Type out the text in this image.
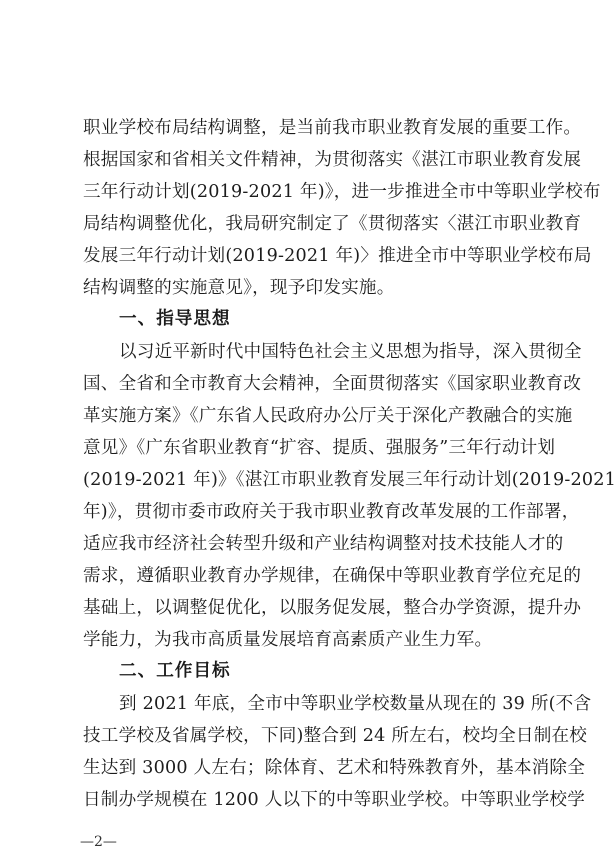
职业学校布局结构调整，是当前我市职业教育发展的重要工作。
根据国家和省相关文件精神，为贯彻落实《湛江市职业教育发展
三年行动计划(2019-2021 年)》，进一步推进全市中等职业学校布
局结构调整优化，我局研究制定了《贯彻落实〈湛江市职业教育
发展三年行动计划(2019-2021 年)〉推进全市中等职业学校布局
结构调整的实施意见》，现予印发实施。
一、指导思想
以习近平新时代中国特色社会主义思想为指导，深入贯彻全
国、全省和全市教育大会精神，全面贯彻落实《国家职业教育改
革实施方案》《广东省人民政府办公厅关于深化产教融合的实施
意见》《广东省职业教育“扩容、提质、强服务”三年行动计划
(2019-2021 年)》《湛江市职业教育发展三年行动计划(2019-2021
年)》，贯彻市委市政府关于我市职业教育改革发展的工作部署，
适应我市经济社会转型升级和产业结构调整对技术技能人才的
需求，遵循职业教育办学规律，在确保中等职业教育学位充足的
基础上，以调整促优化，以服务促发展，整合办学资源，提升办
学能力，为我市高质量发展培育高素质产业生力军。
二、工作目标
到 2021 年底，全市中等职业学校数量从现在的 39 所(不含
技工学校及省属学校，下同)整合到 24 所左右，校均全日制在校
生达到 3000 人左右；除体育、艺术和特殊教育外，基本消除全
日制办学规模在 1200 人以下的中等职业学校。中等职业学校学
—2—
